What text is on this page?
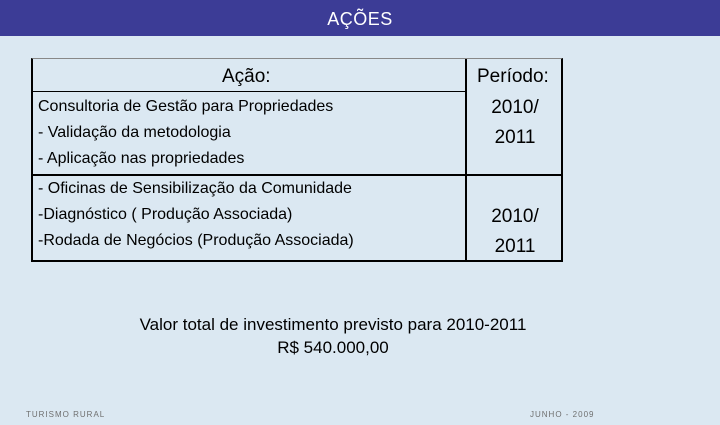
AÇÕES
Ação:	Período:
Consultoria de Gestão para Propriedades
- Validação da metodologia
- Aplicação nas propriedades
2010/
2011
- Oficinas de Sensibilização da Comunidade
-Diagnóstico ( Produção Associada)
-Rodada de Negócios (Produção Associada)
2010/
2011
Valor total de investimento previsto para 2010-2011
R$ 540.000,00
TURISMO RURAL	JUNHO - 2009
